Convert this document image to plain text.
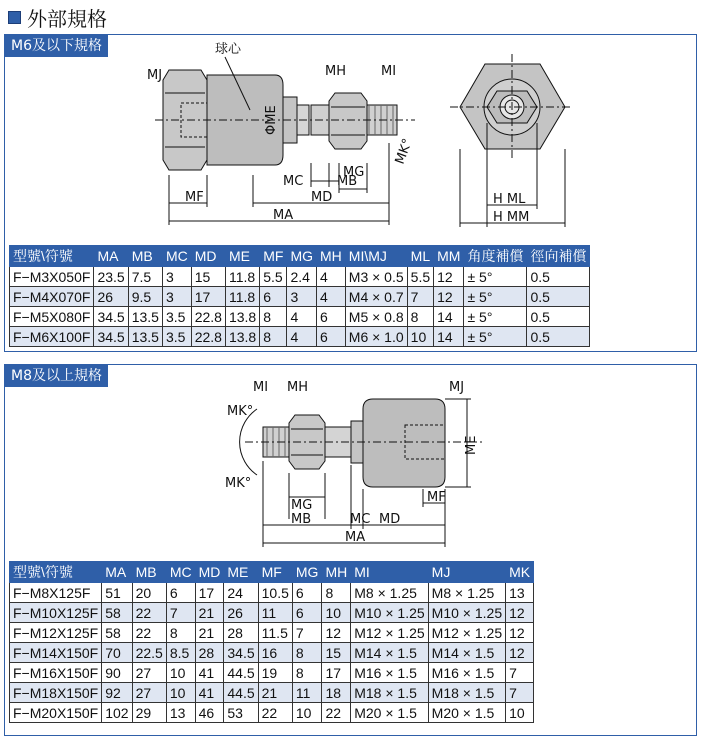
外部規格
M6及以下規格	球心
MJ	MH	MI
ΦME
MK°
MG
MC	MB
MF	MD
MA
H ML
H MM
型號\符號	MA	MB	MC	MD	ME	MF	MG	MH	MI\MJ	ML	MM	角度補償	徑向補償
F−M3X050F	23.5	7.5	3	15	11.8	5.5	2.4	4	M3 × 0.5	5.5	12	± 5°	0.5
F−M4X070F	26	9.5	3	17	11.8	6	3	4	M4 × 0.7	7	12	± 5°	0.5
F−M5X080F	34.5	13.5	3.5	22.8	13.8	8	4	6	M5 × 0.8	8	14	± 5°	0.5
F−M6X100F	34.5	13.5	3.5	22.8	13.8	8	4	6	M6 × 1.0	10	14	± 5°	0.5
M8及以上規格
MI MH	MJ
MK°
MK°
ME
MG
MF
MB	MC MD
MA
型號\符號	MA	MB	MC	MD	ME	MF	MG	MH	MI	MJ	MK
F−M8X125F	51	20	6	17	24	10.5	6	8	M8 × 1.25	M8 × 1.25	13
F−M10X125F	58	22	7	21	26	11	6	10	M10 × 1.25	M10 × 1.25	12
F−M12X125F	58	22	8	21	28	11.5	7	12	M12 × 1.25	M12 × 1.25	12
F−M14X150F	70	22.5	8.5	28	34.5	16	8	15	M14 × 1.5	M14 × 1.5	12
F−M16X150F	90	27	10	41	44.5	19	8	17	M16 × 1.5	M16 × 1.5	7
F−M18X150F	92	27	10	41	44.5	21	11	18	M18 × 1.5	M18 × 1.5	7
F−M20X150F	102	29	13	46	53	22	10	22	M20 × 1.5	M20 × 1.5	10
